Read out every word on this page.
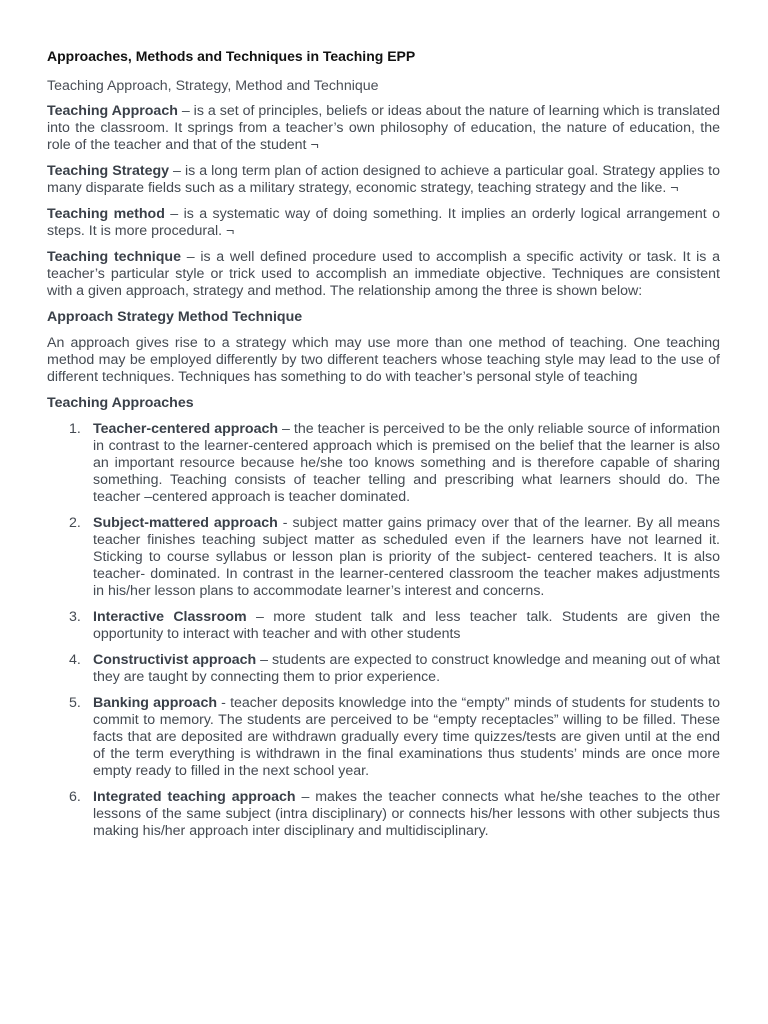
Approaches, Methods and Techniques in Teaching EPP
Teaching Approach, Strategy, Method and Technique

Teaching Approach – is a set of principles, beliefs or ideas about the nature of learning which is translated into the classroom. It springs from a teacher’s own philosophy of education, the nature of education, the role of the teacher and that of the student ¬

Teaching Strategy – is a long term plan of action designed to achieve a particular goal. Strategy applies to many disparate fields such as a military strategy, economic strategy, teaching strategy and the like. ¬

Teaching method – is a systematic way of doing something. It implies an orderly logical arrangement o steps. It is more procedural. ¬

Teaching technique – is a well defined procedure used to accomplish a specific activity or task. It is a teacher’s particular style or trick used to accomplish an immediate objective. Techniques are consistent with a given approach, strategy and method. The relationship among the three is shown below:

Approach Strategy Method Technique

An approach gives rise to a strategy which may use more than one method of teaching. One teaching method may be employed differently by two different teachers whose teaching style may lead to the use of different techniques. Techniques has something to do with teacher’s personal style of teaching

Teaching Approaches
1. Teacher-centered approach – the teacher is perceived to be the only reliable source of information in contrast to the learner-centered approach which is premised on the belief that the learner is also an important resource because he/she too knows something and is therefore capable of sharing something. Teaching consists of teacher telling and prescribing what learners should do. The teacher –centered approach is teacher dominated.
2. Subject-mattered approach - subject matter gains primacy over that of the learner. By all means teacher finishes teaching subject matter as scheduled even if the learners have not learned it. Sticking to course syllabus or lesson plan is priority of the subject- centered teachers. It is also teacher- dominated. In contrast in the learner-centered classroom the teacher makes adjustments in his/her lesson plans to accommodate learner’s interest and concerns.
3. Interactive Classroom – more student talk and less teacher talk. Students are given the opportunity to interact with teacher and with other students
4. Constructivist approach – students are expected to construct knowledge and meaning out of what they are taught by connecting them to prior experience.
5. Banking approach - teacher deposits knowledge into the “empty” minds of students for students to commit to memory. The students are perceived to be “empty receptacles” willing to be filled. These facts that are deposited are withdrawn gradually every time quizzes/tests are given until at the end of the term everything is withdrawn in the final examinations thus students’ minds are once more empty ready to filled in the next school year.
6. Integrated teaching approach – makes the teacher connects what he/she teaches to the other lessons of the same subject (intra disciplinary) or connects his/her lessons with other subjects thus making his/her approach inter disciplinary and multidisciplinary.
